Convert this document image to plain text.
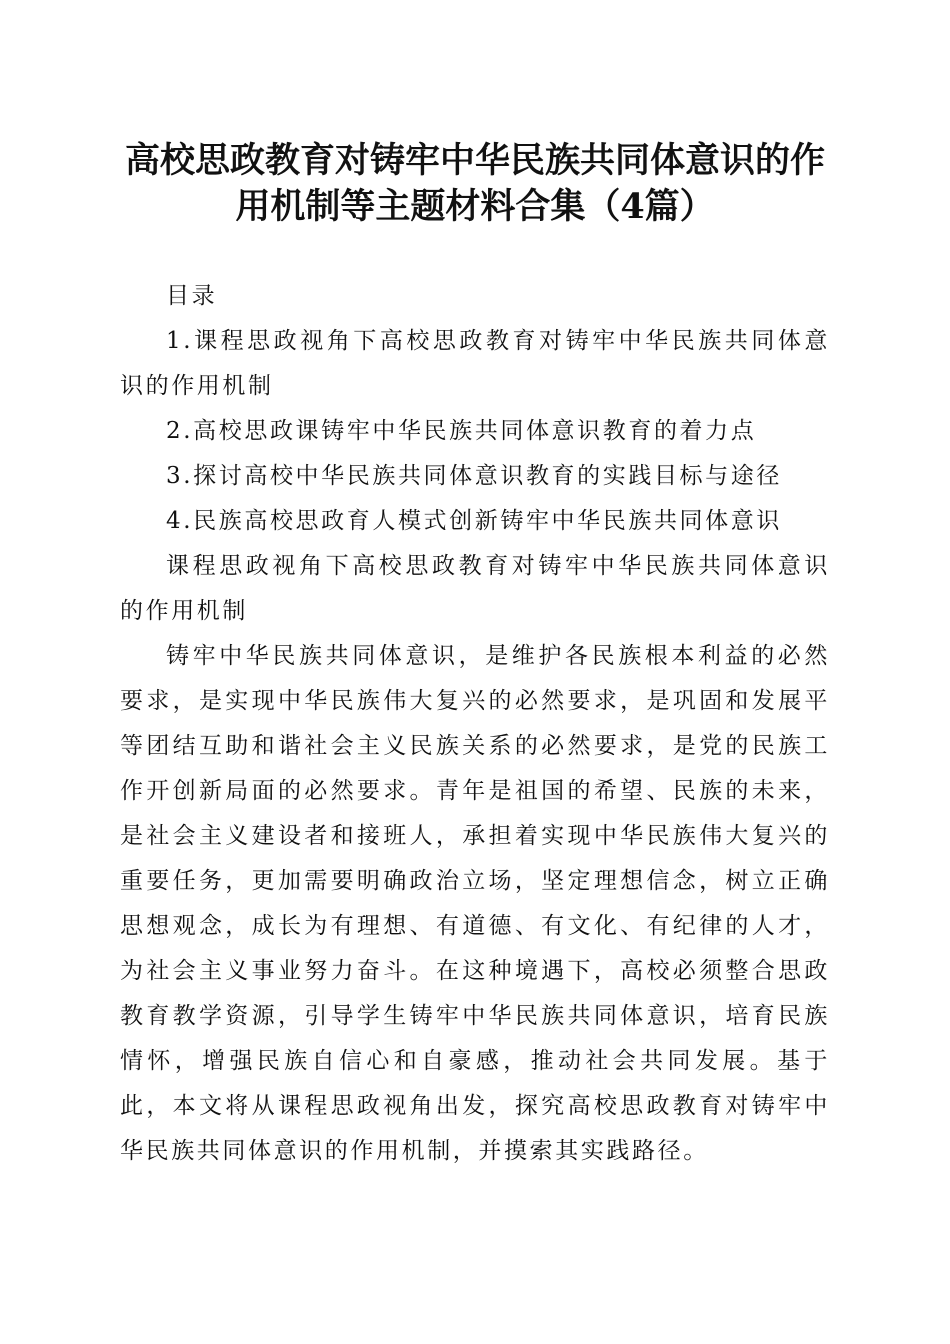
高校思政教育对铸牢中华民族共同体意识的作
用机制等主题材料合集（4篇）

目录

1.课程思政视角下高校思政教育对铸牢中华民族共同体意识的作用机制

2.高校思政课铸牢中华民族共同体意识教育的着力点

3.探讨高校中华民族共同体意识教育的实践目标与途径

4.民族高校思政育人模式创新铸牢中华民族共同体意识

课程思政视角下高校思政教育对铸牢中华民族共同体意识的作用机制

铸牢中华民族共同体意识，是维护各民族根本利益的必然要求，是实现中华民族伟大复兴的必然要求，是巩固和发展平等团结互助和谐社会主义民族关系的必然要求，是党的民族工作开创新局面的必然要求。青年是祖国的希望、民族的未来，是社会主义建设者和接班人，承担着实现中华民族伟大复兴的重要任务，更加需要明确政治立场，坚定理想信念，树立正确思想观念，成长为有理想、有道德、有文化、有纪律的人才，为社会主义事业努力奋斗。在这种境遇下，高校必须整合思政教育教学资源，引导学生铸牢中华民族共同体意识，培育民族情怀，增强民族自信心和自豪感，推动社会共同发展。基于此，本文将从课程思政视角出发，探究高校思政教育对铸牢中华民族共同体意识的作用机制，并摸索其实践路径。
